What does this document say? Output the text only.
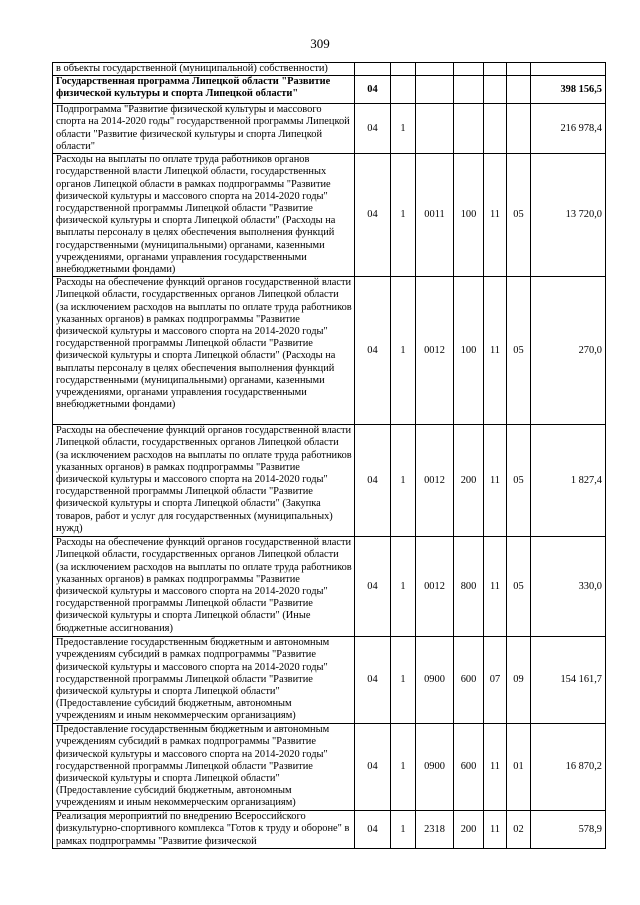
309
в объекты государственной (муниципальной) собственности)							
Государственная программа Липецкой области "Развитие физической культуры и спорта Липецкой области"	04						398 156,5
Подпрограмма "Развитие физической культуры и массового спорта на 2014-2020 годы" государственной программы Липецкой области "Развитие физической культуры и спорта Липецкой области"	04	1					216 978,4
Расходы на выплаты по оплате труда работников органов государственной власти Липецкой области, государственных органов Липецкой области в рамках подпрограммы "Развитие физической культуры и массового спорта на 2014-2020 годы" государственной программы Липецкой области "Развитие физической культуры и спорта Липецкой области" (Расходы на выплаты персоналу в целях обеспечения выполнения функций государственными (муниципальными) органами, казенными учреждениями, органами управления государственными внебюджетными фондами)	04	1	0011	100	11	05	13 720,0
Расходы на обеспечение функций органов государственной власти Липецкой области, государственных органов Липецкой области (за исключением расходов на выплаты по оплате труда работников указанных органов) в рамках подпрограммы "Развитие физической культуры и массового спорта на 2014-2020 годы" государственной программы Липецкой области "Развитие физической культуры и спорта Липецкой области" (Расходы на выплаты персоналу в целях обеспечения выполнения функций государственными (муниципальными) органами, казенными учреждениями, органами управления государственными внебюджетными фондами)	04	1	0012	100	11	05	270,0
Расходы на обеспечение функций органов государственной власти Липецкой области, государственных органов Липецкой области (за исключением расходов на выплаты по оплате труда работников указанных органов) в рамках подпрограммы "Развитие физической культуры и массового спорта на 2014-2020 годы" государственной программы Липецкой области "Развитие физической культуры и спорта Липецкой области" (Закупка товаров, работ и услуг для государственных (муниципальных) нужд)	04	1	0012	200	11	05	1 827,4
Расходы на обеспечение функций органов государственной власти Липецкой области, государственных органов Липецкой области (за исключением расходов на выплаты по оплате труда работников указанных органов) в рамках подпрограммы "Развитие физической культуры и массового спорта на 2014-2020 годы" государственной программы Липецкой области "Развитие физической культуры и спорта Липецкой области" (Иные бюджетные ассигнования)	04	1	0012	800	11	05	330,0
Предоставление государственным бюджетным и автономным учреждениям субсидий в рамках подпрограммы "Развитие физической культуры и массового спорта на 2014-2020 годы" государственной программы Липецкой области "Развитие физической культуры и спорта Липецкой области" (Предоставление субсидий бюджетным, автономным учреждениям и иным некоммерческим организациям)	04	1	0900	600	07	09	154 161,7
Предоставление государственным бюджетным и автономным учреждениям субсидий в рамках подпрограммы "Развитие физической культуры и массового спорта на 2014-2020 годы" государственной программы Липецкой области "Развитие физической культуры и спорта Липецкой области" (Предоставление субсидий бюджетным, автономным учреждениям и иным некоммерческим организациям)	04	1	0900	600	11	01	16 870,2
Реализация мероприятий по внедрению Всероссийского физкультурно-спортивного комплекса "Готов к труду и обороне" в рамках подпрограммы "Развитие физической	04	1	2318	200	11	02	578,9
